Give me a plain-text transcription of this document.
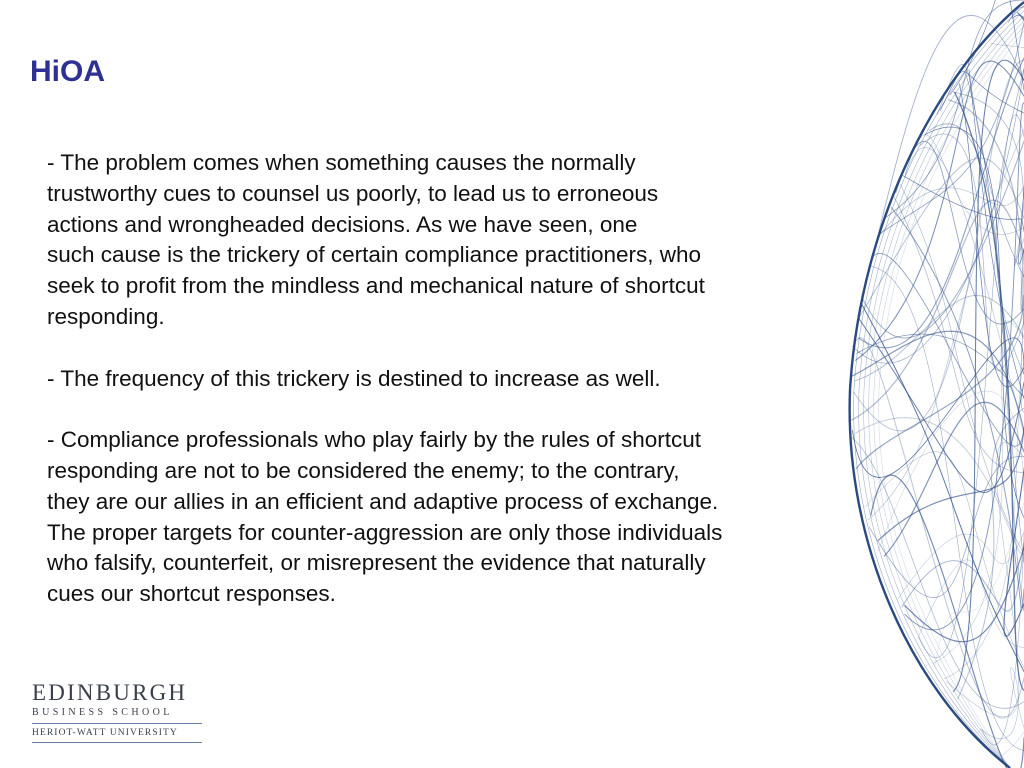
HiOA

- The problem comes when something causes the normally
trustworthy cues to counsel us poorly, to lead us to erroneous
actions and wrongheaded decisions. As we have seen, one
such cause is the trickery of certain compliance practitioners, who
seek to profit from the mindless and mechanical nature of shortcut
responding.

- The frequency of this trickery is destined to increase as well.

- Compliance professionals who play fairly by the rules of shortcut
responding are not to be considered the enemy; to the contrary,
they are our allies in an efficient and adaptive process of exchange.
The proper targets for counter-aggression are only those individuals
who falsify, counterfeit, or misrepresent the evidence that naturally
cues our shortcut responses.

EDINBURGH
BUSINESS SCHOOL
HERIOT-WATT UNIVERSITY
